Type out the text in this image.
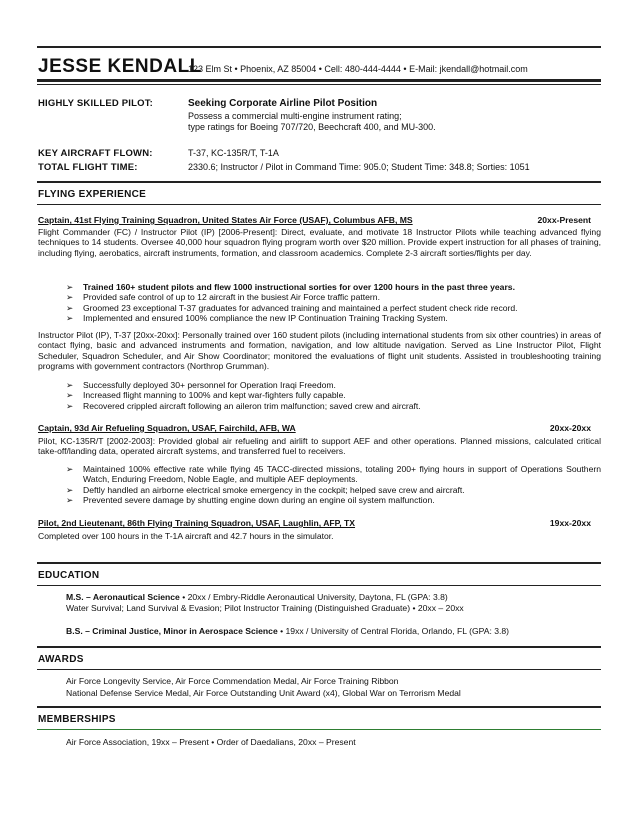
JESSE KENDALL
123 Elm St • Phoenix, AZ 85004 • Cell: 480-444-4444 • E-Mail: jkendall@hotmail.com
HIGHLY SKILLED PILOT:	Seeking Corporate Airline Pilot Position
Possess a commercial multi-engine instrument rating;
type ratings for Boeing 707/720, Beechcraft 400, and MU-300.
KEY AIRCRAFT FLOWN:	T-37, KC-135R/T, T-1A
TOTAL FLIGHT TIME:	2330.6; Instructor / Pilot in Command Time: 905.0; Student Time: 348.8; Sorties: 1051
FLYING EXPERIENCE
Captain, 41st Flying Training Squadron, United States Air Force (USAF), Columbus AFB, MS	20xx-Present
Flight Commander (FC) / Instructor Pilot (IP) [2006-Present]: Direct, evaluate, and motivate 18 Instructor Pilots while teaching advanced flying techniques to 14 students. Oversee 40,000 hour squadron flying program worth over $20 million. Provide expert instruction for all phases of training, including flying, aerobatics, aircraft instruments, formation, and classroom academics. Complete 2-3 aircraft sorties/flights per day.
➢ Trained 160+ student pilots and flew 1000 instructional sorties for over 1200 hours in the past three years.
➢ Provided safe control of up to 12 aircraft in the busiest Air Force traffic pattern.
➢ Groomed 23 exceptional T-37 graduates for advanced training and maintained a perfect student check ride record.
➢ Implemented and ensured 100% compliance the new IP Continuation Training Tracking System.
Instructor Pilot (IP), T-37 [20xx-20xx]: Personally trained over 160 student pilots (including international students from six other countries) in areas of contact flying, basic and advanced instruments and formation, navigation, and low altitude navigation. Served as Line Instructor Pilot, Flight Scheduler, Squadron Scheduler, and Air Show Coordinator; monitored the evaluations of flight unit students. Assisted in troubleshooting training programs with government contractors (Northrop Grumman).
➢ Successfully deployed 30+ personnel for Operation Iraqi Freedom.
➢ Increased flight manning to 100% and kept war-fighters fully capable.
➢ Recovered crippled aircraft following an aileron trim malfunction; saved crew and aircraft.
Captain, 93d Air Refueling Squadron, USAF, Fairchild, AFB, WA	20xx-20xx
Pilot, KC-135R/T [2002-2003]: Provided global air refueling and airlift to support AEF and other operations. Planned missions, calculated critical take-off/landing data, operated aircraft systems, and transferred fuel to receivers.
➢ Maintained 100% effective rate while flying 45 TACC-directed missions, totaling 200+ flying hours in support of Operations Southern Watch, Enduring Freedom, Noble Eagle, and multiple AEF deployments.
➢ Deftly handled an airborne electrical smoke emergency in the cockpit; helped save crew and aircraft.
➢ Prevented severe damage by shutting engine down during an engine oil system malfunction.
Pilot, 2nd Lieutenant, 86th Flying Training Squadron, USAF, Laughlin, AFP, TX	19xx-20xx
Completed over 100 hours in the T-1A aircraft and 42.7 hours in the simulator.
EDUCATION
M.S. – Aeronautical Science • 20xx / Embry-Riddle Aeronautical University, Daytona, FL (GPA: 3.8)
Water Survival; Land Survival & Evasion; Pilot Instructor Training (Distinguished Graduate) • 20xx – 20xx
B.S. – Criminal Justice, Minor in Aerospace Science • 19xx / University of Central Florida, Orlando, FL (GPA: 3.8)
AWARDS
Air Force Longevity Service, Air Force Commendation Medal, Air Force Training Ribbon
National Defense Service Medal, Air Force Outstanding Unit Award (x4), Global War on Terrorism Medal
MEMBERSHIPS
Air Force Association, 19xx – Present • Order of Daedalians, 20xx – Present
